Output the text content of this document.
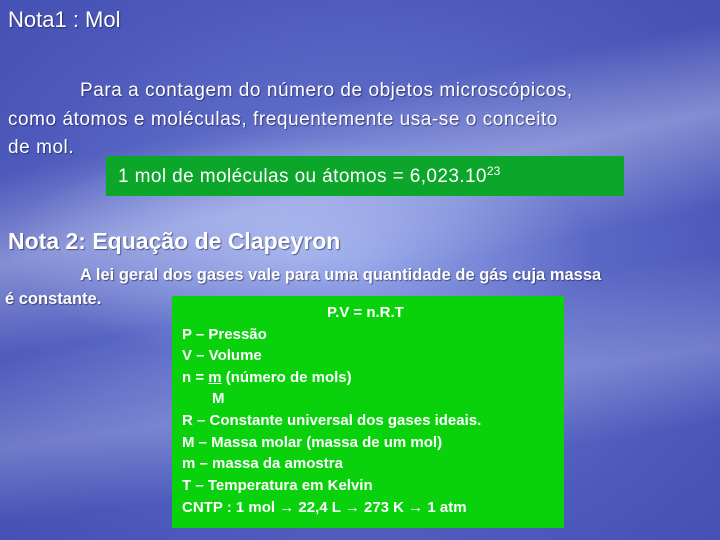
Nota1 : Mol
Para a contagem do número de objetos microscópicos,
como átomos e moléculas, frequentemente usa-se o conceito
de mol.
1 mol de moléculas ou átomos = $6,023.10^{23}$
Nota 2: Equação de Clapeyron
A lei geral dos gases vale para uma quantidade de gás cuja massa
é constante.
P.V = n.R.T
P – Pressão
V – Volume
n = m (número de mols)
M
R – Constante universal dos gases ideais.
M – Massa molar (massa de um mol)
m – massa da amostra
T – Temperatura em Kelvin
CNTP : 1 mol → 22,4 L → 273 K → 1 atm
